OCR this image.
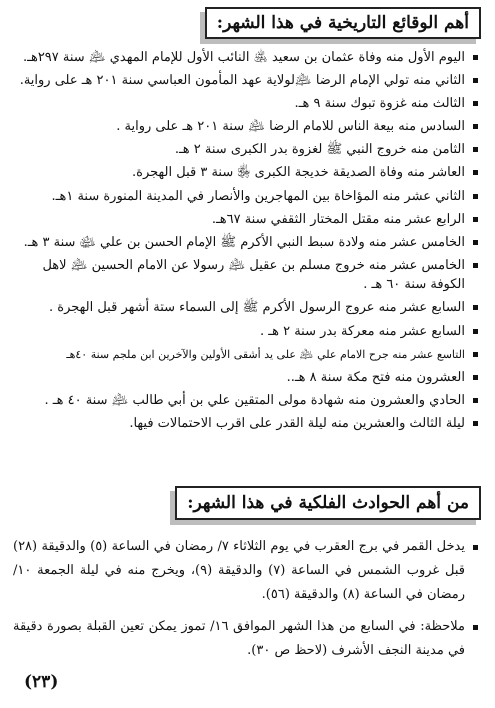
أهم الوقائع التاريخية في هذا الشهر:
اليوم الأول منه وفاة عثمان بن سعيد ﵁ النائب الأول للإمام المهدي ﵇ سنة ٢٩٧هـ.
الثاني منه تولي الإمام الرضا ﵇لولاية عهد المأمون العباسي سنة ٢٠١ هـ على رواية.
الثالث منه غزوة تبوك سنة ٩ هـ.
السادس منه بيعة الناس للامام الرضا ﵇ سنة ٢٠١ هـ على رواية .
الثامن منه خروج النبي ﷺ لغزوة بدر الكبرى سنة ٢ هـ.
العاشر منه وفاة الصديقة خديجة الكبرى ﵂ سنة ٣ قبل الهجرة.
الثاني عشر منه المؤاخاة بين المهاجرين والأنصار في المدينة المنورة سنة ١هـ.
الرابع عشر منه مقتل المختار الثقفي سنة ٦٧هـ.
الخامس عشر منه ولادة سبط النبي الأكرم ﷺ الإمام الحسن بن علي ﵉ سنة ٣ هـ.
الخامس عشر منه خروج مسلم بن عقيل ﵇ رسولا عن الامام الحسين ﵇ لاهل الكوفة سنة ٦٠ هـ .
السابع عشر منه عروج الرسول الأكرم ﷺ إلى السماء ستة أشهر قبل الهجرة .
السابع عشر منه معركة بدر سنة ٢ هـ .
التاسع عشر منه جرح الامام علي ﵇ على يد أشقى الأولين والآخرين ابن ملجم سنة ٤٠هـ
العشرون منه فتح مكة سنة ٨ هـ..
الحادي والعشرون منه شهادة مولى المتقين علي بن أبي طالب ﵇ سنة ٤٠ هـ .
ليلة الثالث والعشرين منه ليلة القدر على اقرب الاحتمالات فيها.
من أهم الحوادث الفلكية في هذا الشهر:

يدخل القمر في برج العقرب في يوم الثلاثاء ٧/ رمضان في الساعة (٥) والدقيقة (٢٨) قبل غروب الشمس في الساعة (٧) والدقيقة (٩)، ويخرج منه في ليلة الجمعة ١٠/رمضان في الساعة (٨) والدقيقة (٥٦).

ملاحظة: في السابع من هذا الشهر الموافق ١٦/ تموز يمكن تعين القبلة بصورة دقيقة في مدينة النجف الأشرف (لاحظ ص ٣٠).

(٢٣)
